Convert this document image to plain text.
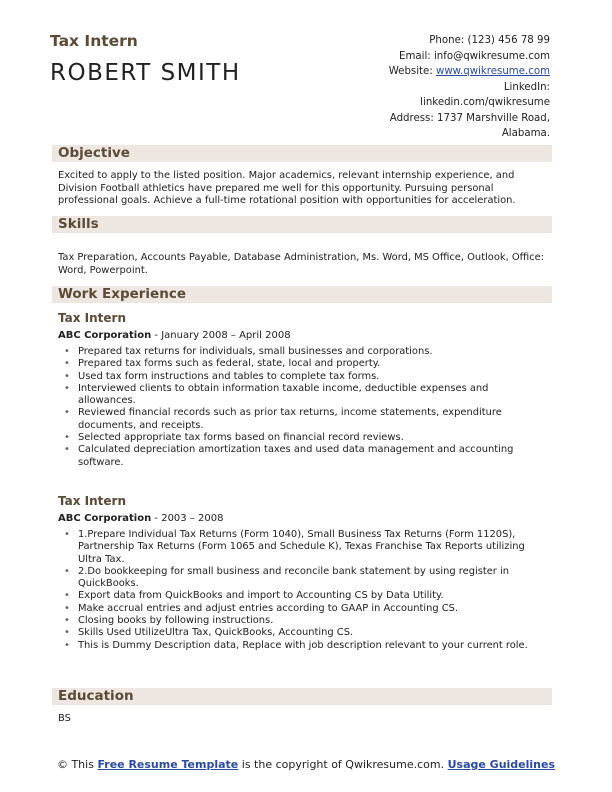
Tax Intern
ROBERT SMITH
Phone: (123) 456 78 99
Email: info@qwikresume.com
Website: www.qwikresume.com
LinkedIn:
linkedin.com/qwikresume
Address: 1737 Marshville Road,
Alabama.
Objective
Excited to apply to the listed position. Major academics, relevant internship experience, and Division Football athletics have prepared me well for this opportunity. Pursuing personal professional goals. Achieve a full-time rotational position with opportunities for acceleration.
Skills
Tax Preparation, Accounts Payable, Database Administration, Ms. Word, MS Office, Outlook, Office: Word, Powerpoint.
Work Experience
Tax Intern
ABC Corporation - January 2008 – April 2008
• Prepared tax returns for individuals, small businesses and corporations.
• Prepared tax forms such as federal, state, local and property.
• Used tax form instructions and tables to complete tax forms.
• Interviewed clients to obtain information taxable income, deductible expenses and allowances.
• Reviewed financial records such as prior tax returns, income statements, expenditure documents, and receipts.
• Selected appropriate tax forms based on financial record reviews.
• Calculated depreciation amortization taxes and used data management and accounting software.
Tax Intern
ABC Corporation - 2003 – 2008
• 1.Prepare Individual Tax Returns (Form 1040), Small Business Tax Returns (Form 1120S), Partnership Tax Returns (Form 1065 and Schedule K), Texas Franchise Tax Reports utilizing Ultra Tax.
• 2.Do bookkeeping for small business and reconcile bank statement by using register in QuickBooks.
• Export data from QuickBooks and import to Accounting CS by Data Utility.
• Make accrual entries and adjust entries according to GAAP in Accounting CS.
• Closing books by following instructions.
• Skills Used UtilizeUltra Tax, QuickBooks, Accounting CS.
• This is Dummy Description data, Replace with job description relevant to your current role.
Education
BS
© This Free Resume Template is the copyright of Qwikresume.com. Usage Guidelines
